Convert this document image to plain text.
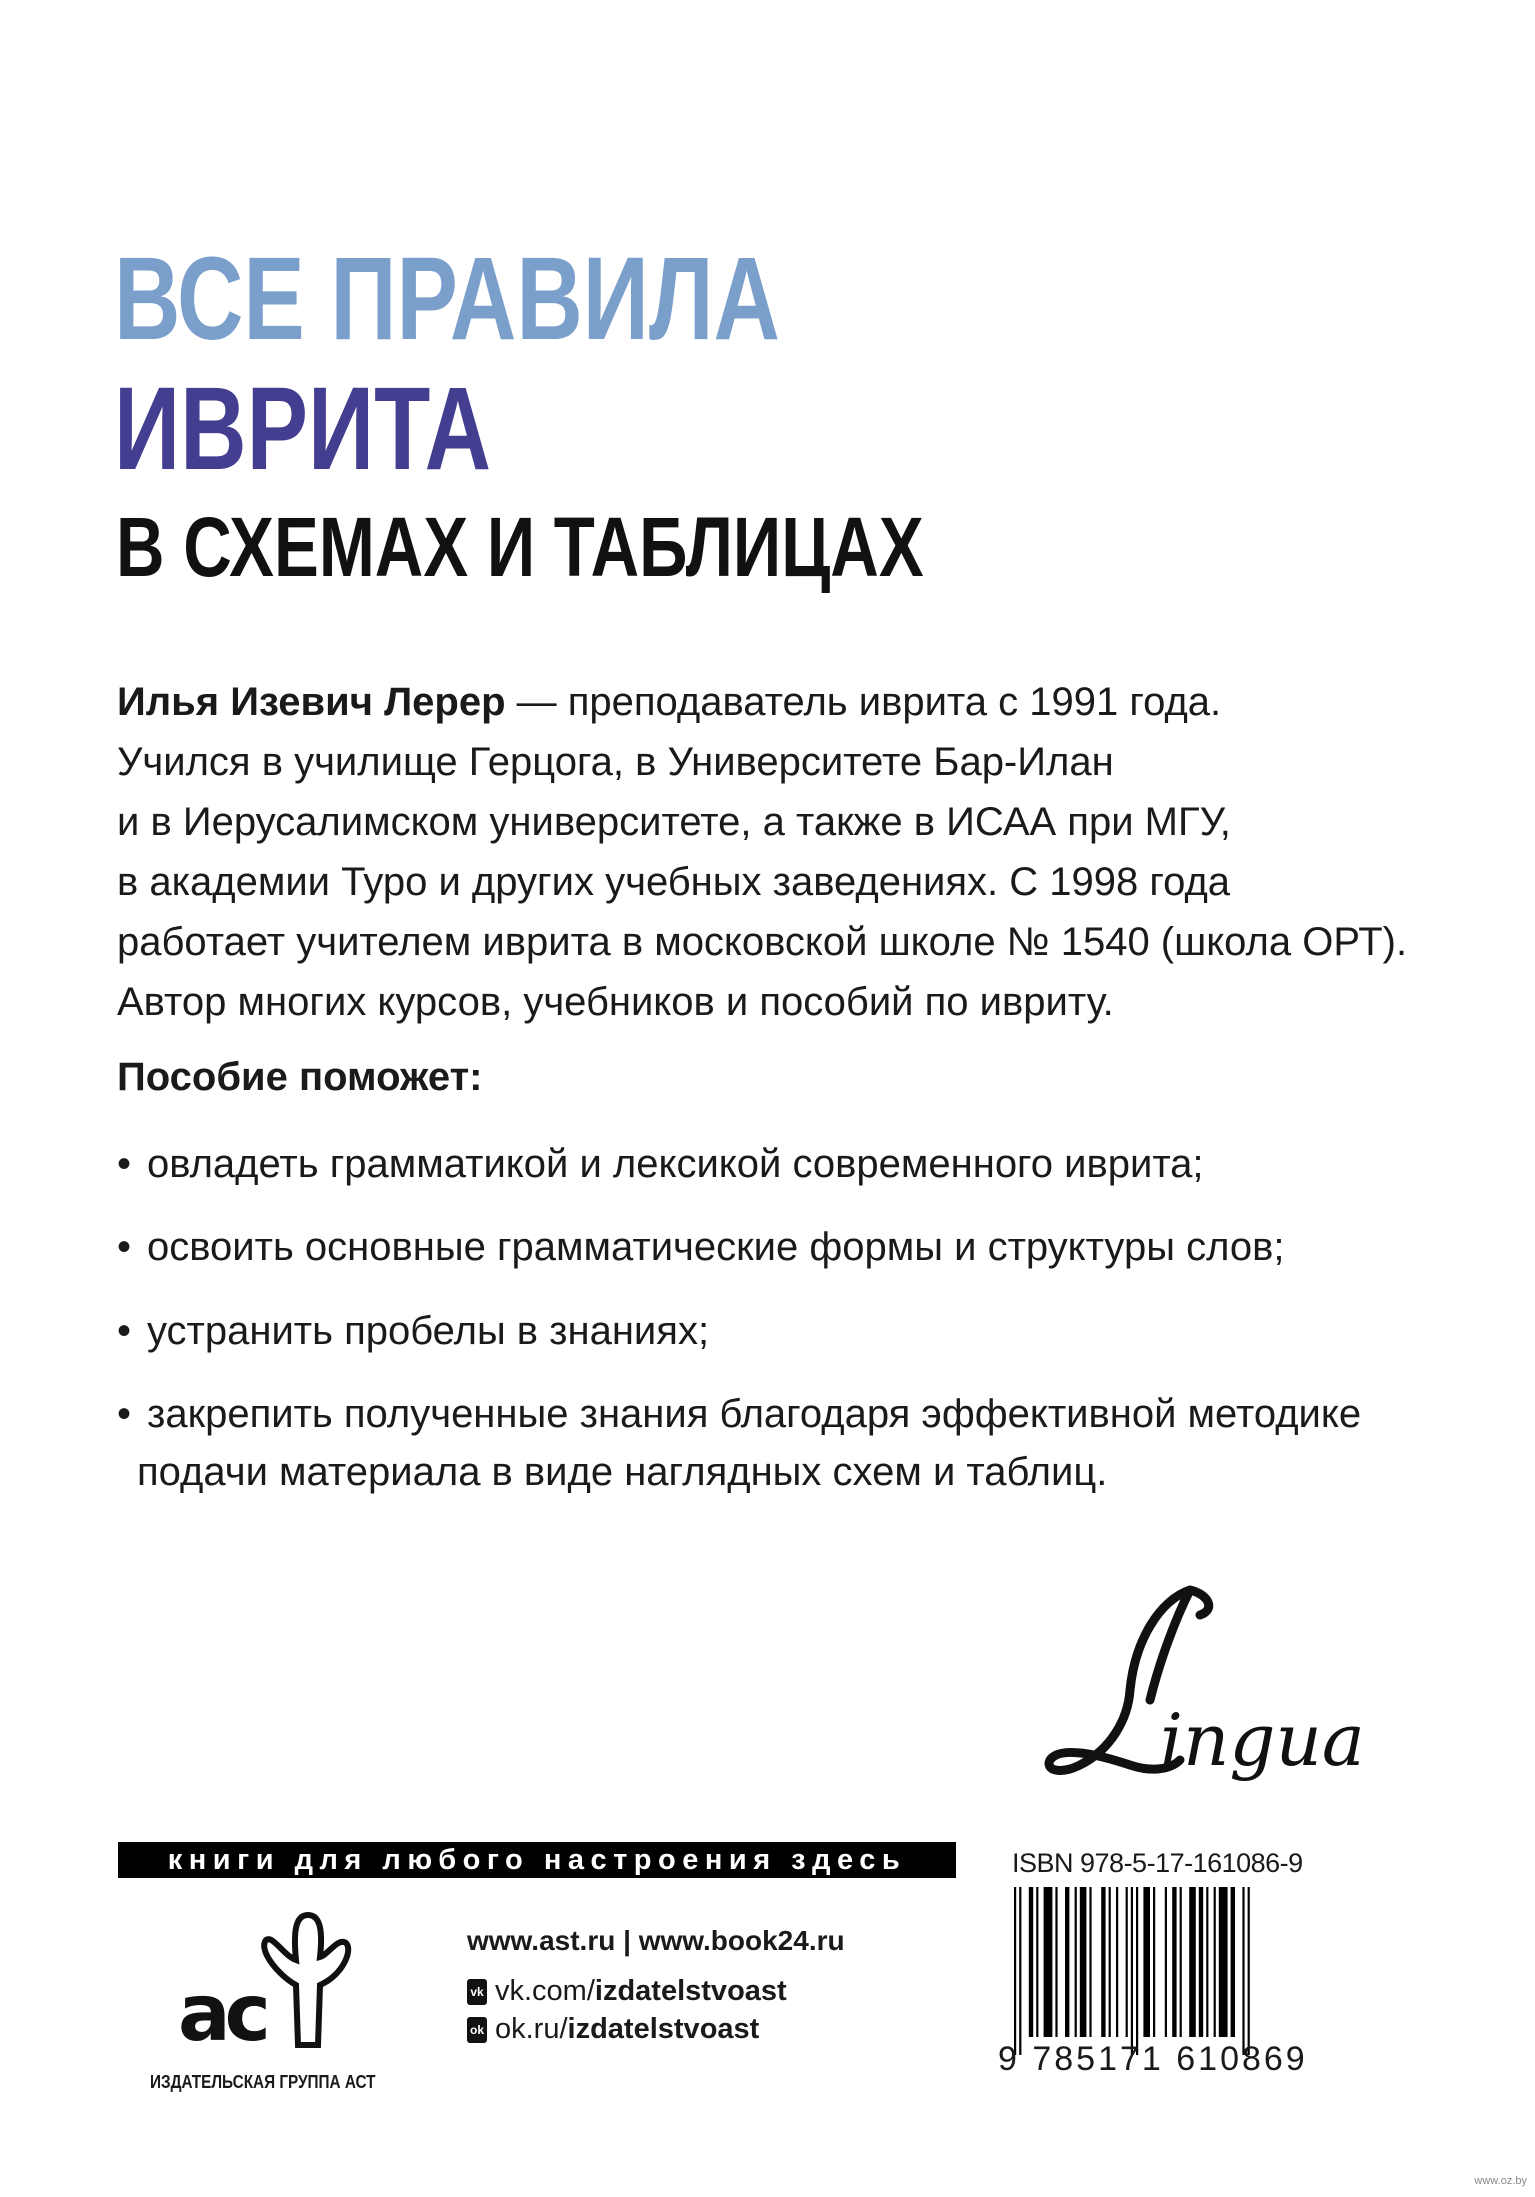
ВСЕ ПРАВИЛА
ИВРИТА
В СХЕМАХ И ТАБЛИЦАХ
Илья Изевич Лерер — преподаватель иврита с 1991 года.
Учился в училище Герцога, в Университете Бар-Илан
и в Иерусалимском университете, а также в ИСАА при МГУ,
в академии Туро и других учебных заведениях. С 1998 года
работает учителем иврита в московской школе № 1540 (школа ОРТ).
Автор многих курсов, учебников и пособий по ивриту.
Пособие поможет:
• овладеть грамматикой и лексикой современного иврита;
• освоить основные грамматические формы и структуры слов;
• устранить пробелы в знаниях;
• закрепить полученные знания благодаря эффективной методике
подачи материала в виде наглядных схем и таблиц.
ingua
книги для любого настроения здесь	ISBN 978-5-17-161086-9
9 785171 610869
ac
ИЗДАТЕЛЬСКАЯ ГРУППА АСТ
www.ast.ru | www.book24.ru
vk vk.com/izdatelstvoast
ok ok.ru/izdatelstvoast
www.oz.by
